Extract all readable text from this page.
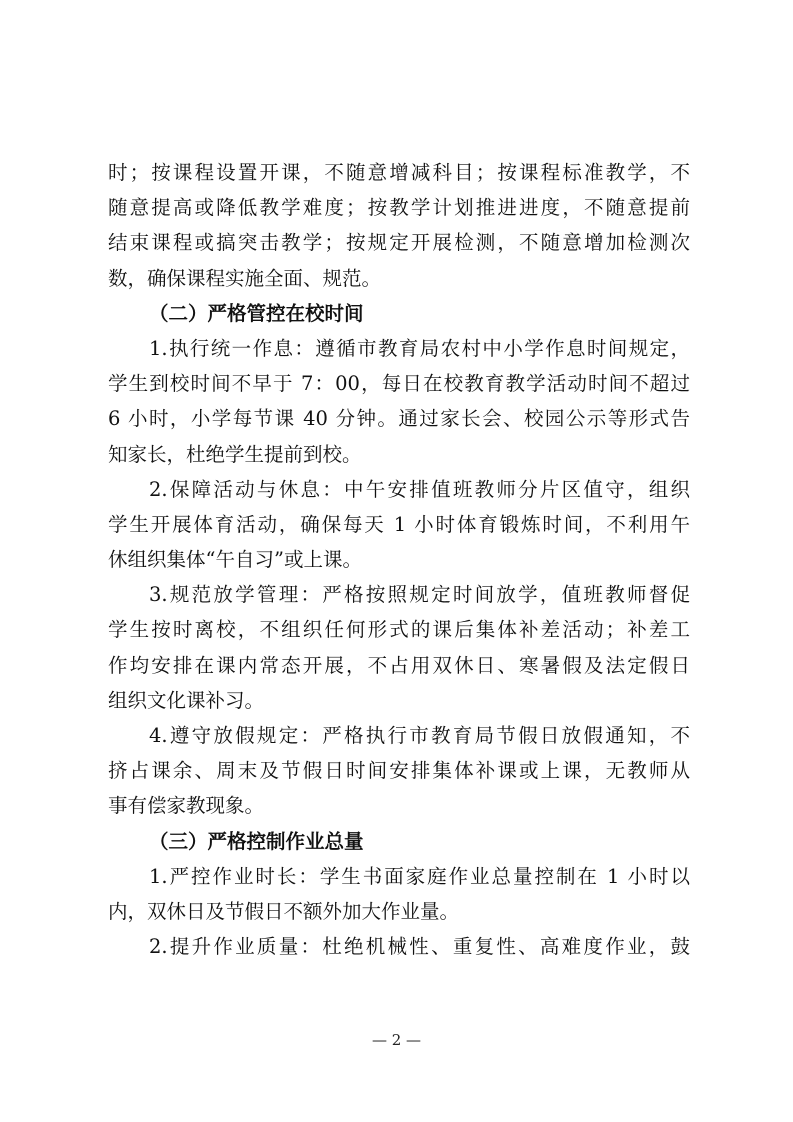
时；按课程设置开课，不随意增减科目；按课程标准教学，不
随意提高或降低教学难度；按教学计划推进进度，不随意提前
结束课程或搞突击教学；按规定开展检测，不随意增加检测次
数，确保课程实施全面、规范。
（二）严格管控在校时间
1.执行统一作息：遵循市教育局农村中小学作息时间规定，
学生到校时间不早于 7：00，每日在校教育教学活动时间不超过
6 小时，小学每节课 40 分钟。通过家长会、校园公示等形式告
知家长，杜绝学生提前到校。
2.保障活动与休息：中午安排值班教师分片区值守，组织
学生开展体育活动，确保每天 1 小时体育锻炼时间，不利用午
休组织集体“午自习”或上课。
3.规范放学管理：严格按照规定时间放学，值班教师督促
学生按时离校，不组织任何形式的课后集体补差活动；补差工
作均安排在课内常态开展，不占用双休日、寒暑假及法定假日
组织文化课补习。
4.遵守放假规定：严格执行市教育局节假日放假通知，不
挤占课余、周末及节假日时间安排集体补课或上课，无教师从
事有偿家教现象。
（三）严格控制作业总量
1.严控作业时长：学生书面家庭作业总量控制在 1 小时以
内，双休日及节假日不额外加大作业量。
2.提升作业质量：杜绝机械性、重复性、高难度作业，鼓
— 2 —
